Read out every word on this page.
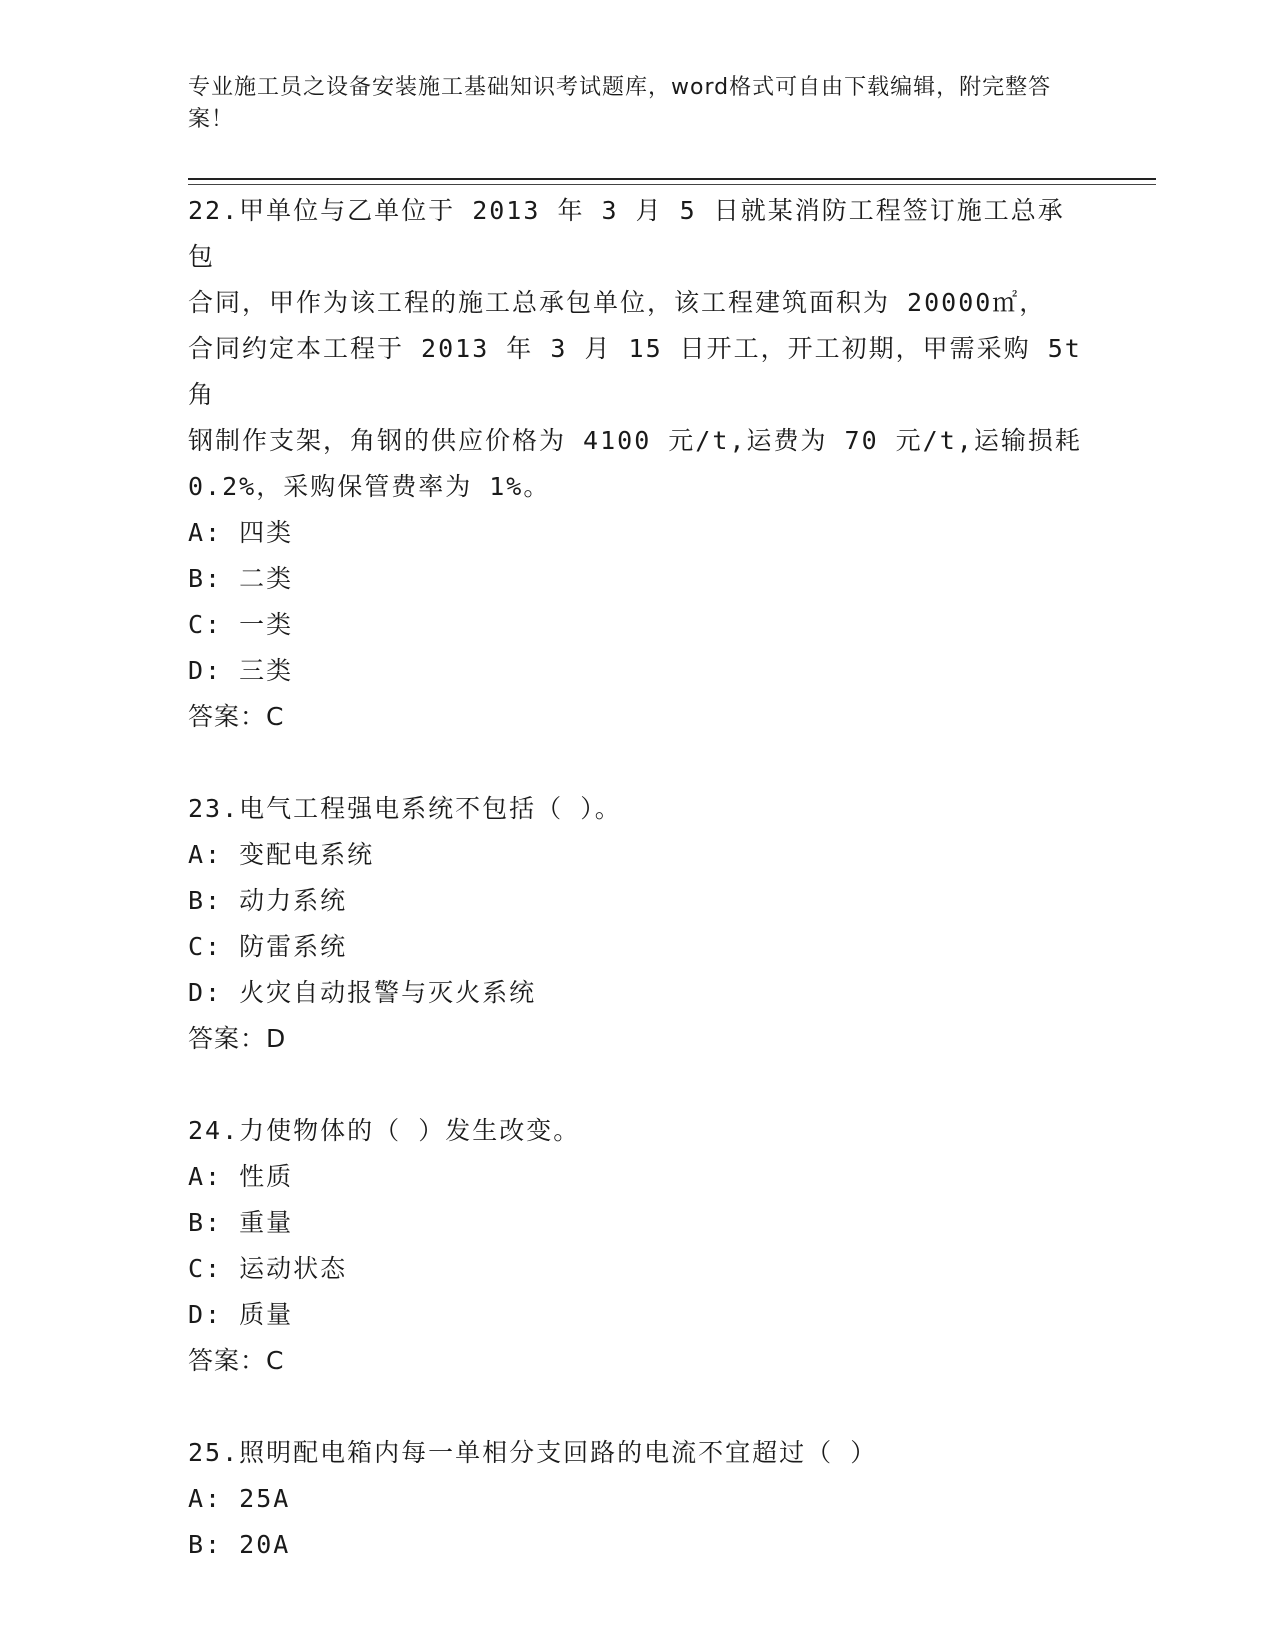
专业施工员之设备安装施工基础知识考试题库，word格式可自由下载编辑，附完整答案！
22.甲单位与乙单位于 2013 年 3 月 5 日就某消防工程签订施工总承包
合同，甲作为该工程的施工总承包单位，该工程建筑面积为 20000㎡，
合同约定本工程于 2013 年 3 月 15 日开工，开工初期，甲需采购 5t 角
钢制作支架，角钢的供应价格为 4100 元/t,运费为 70 元/t,运输损耗
0.2%，采购保管费率为 1%。
A: 四类
B: 二类
C: 一类
D: 三类
答案：C
23.电气工程强电系统不包括（ ）。
A: 变配电系统
B: 动力系统
C: 防雷系统
D: 火灾自动报警与灭火系统
答案：D
24.力使物体的（ ）发生改变。
A: 性质
B: 重量
C: 运动状态
D: 质量
答案：C
25.照明配电箱内每一单相分支回路的电流不宜超过（ ）
A: 25A
B: 20A
